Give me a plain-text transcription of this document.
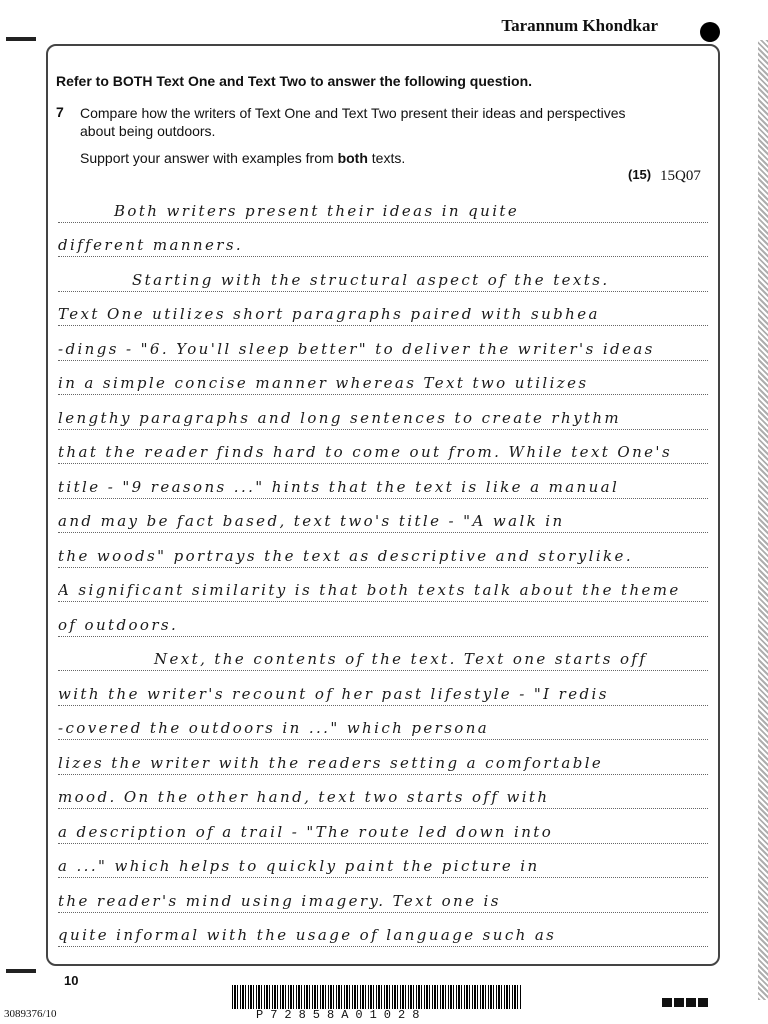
Tarannum Khondkar
Refer to BOTH Text One and Text Two to answer the following question.
7 Compare how the writers of Text One and Text Two present their ideas and perspectives about being outdoors.
Support your answer with examples from both texts.
(15) 15Q07
Both writers present their ideas in quite
different manners.
Starting with the structural aspect of the texts.
Text One utilizes short paragraphs paired with subhea
-dings - "6. You'll sleep better" to deliver the writer's ideas
in a simple concise manner whereas Text two utilizes
lengthy paragraphs and long sentences to create rhythm
that the reader finds hard to come out from. While text One's
title - "9 reasons ..." hints that the text is like a manual
and may be fact based, text two's title - "A walk in
the woods" portrays the text as descriptive and storylike.
A significant similarity is that both texts talk about the theme
of outdoors.
Next, the contents of the text. Text one starts off
with the writer's recount of her past lifestyle - "I redis
-covered the outdoors in ..." which persona
lizes the writer with the readers setting a comfortable
mood. On the other hand, text two starts off with
a description of a trail - "The route led down into
a ..." which helps to quickly paint the picture in
the reader's mind using imagery. Text one is
quite informal with the usage of language such as
10
P72858A01028
3089376/10
